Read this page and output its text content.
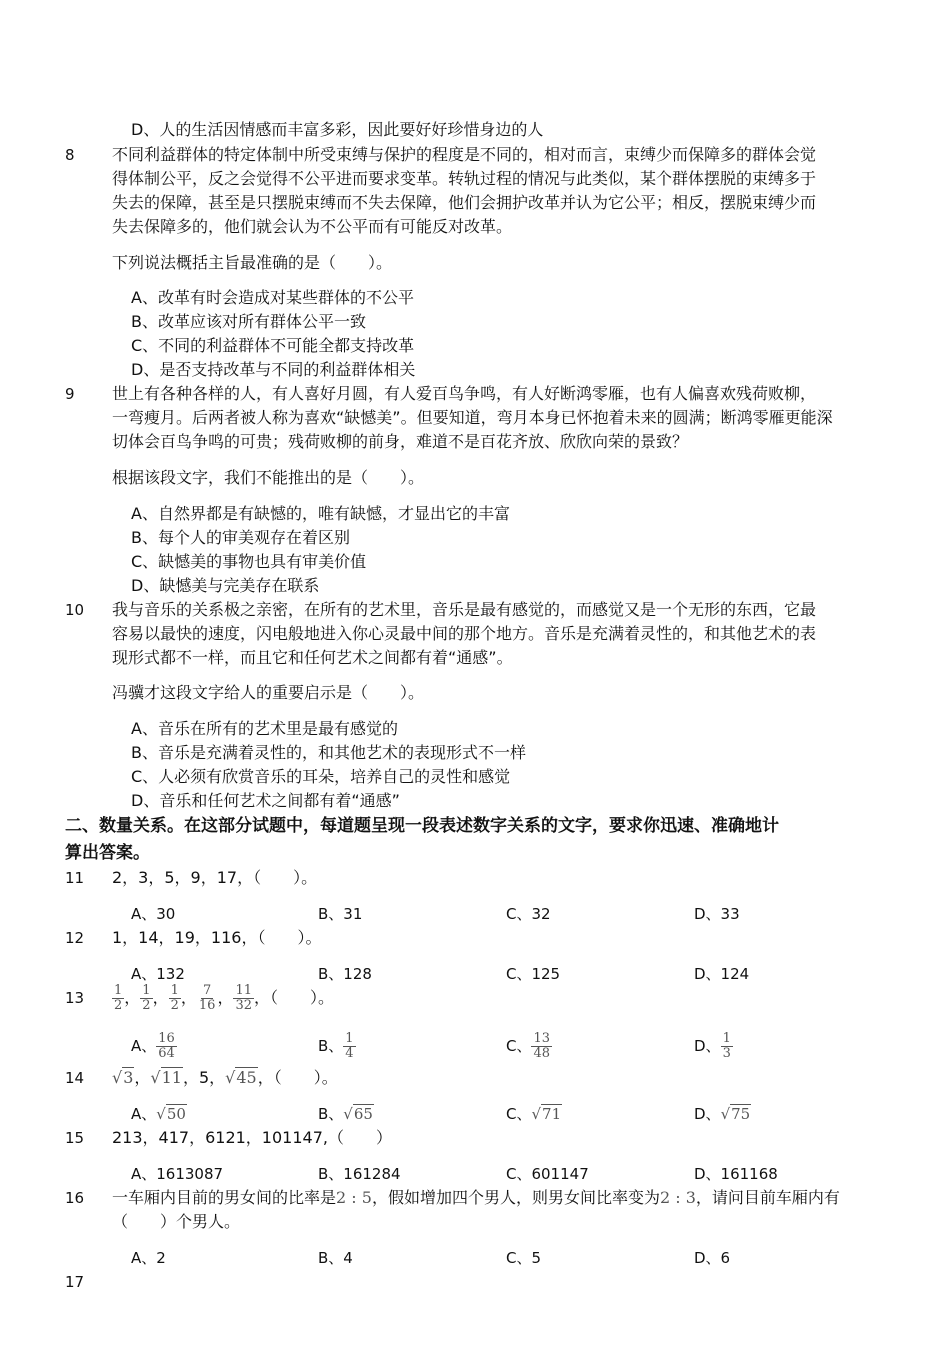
D、人的生活因情感而丰富多彩，因此要好好珍惜身边的人
8 不同利益群体的特定体制中所受束缚与保护的程度是不同的，相对而言，束缚少而保障多的群体会觉
得体制公平，反之会觉得不公平进而要求变革。转轨过程的情况与此类似，某个群体摆脱的束缚多于
失去的保障，甚至是只摆脱束缚而不失去保障，他们会拥护改革并认为它公平；相反，摆脱束缚少而
失去保障多的，他们就会认为不公平而有可能反对改革。
下列说法概括主旨最准确的是（　　）。
A、改革有时会造成对某些群体的不公平
B、改革应该对所有群体公平一致
C、不同的利益群体不可能全都支持改革
D、是否支持改革与不同的利益群体相关
9 世上有各种各样的人，有人喜好月圆，有人爱百鸟争鸣，有人好断鸿零雁，也有人偏喜欢残荷败柳，
一弯瘦月。后两者被人称为喜欢“缺憾美”。但要知道，弯月本身已怀抱着未来的圆满；断鸿零雁更能深
切体会百鸟争鸣的可贵；残荷败柳的前身，难道不是百花齐放、欣欣向荣的景致？
根据该段文字，我们不能推出的是（　　）。
A、自然界都是有缺憾的，唯有缺憾，才显出它的丰富
B、每个人的审美观存在着区别
C、缺憾美的事物也具有审美价值
D、缺憾美与完美存在联系
10 我与音乐的关系极之亲密，在所有的艺术里，音乐是最有感觉的，而感觉又是一个无形的东西，它最
容易以最快的速度，闪电般地进入你心灵最中间的那个地方。音乐是充满着灵性的，和其他艺术的表
现形式都不一样，而且它和任何艺术之间都有着“通感”。
冯骥才这段文字给人的重要启示是（　　）。
A、音乐在所有的艺术里是最有感觉的
B、音乐是充满着灵性的，和其他艺术的表现形式不一样
C、人必须有欣赏音乐的耳朵，培养自己的灵性和感觉
D、音乐和任何艺术之间都有着“通感”
二、数量关系。在这部分试题中，每道题呈现一段表述数字关系的文字，要求你迅速、准确地计
算出答案。
11 2，3，5，9，17，（　　）。
A、30	B、31	C、32	D、33
12 1，14，19，116，（　　）。
A、132	B、128	C、125	D、124
$13 \frac{1}{2}$ ， $\frac{1}{2}$ ， $\frac{1}{2}$ ， $\frac{7}{16}$ ， $\frac{11}{32}$ ，（　　）。
A、 $\frac{16}{64}$	B、 $\frac{1}{4}$	C、 $\frac{13}{48}$	D、 $\frac{1}{3}$
14 √3，√11，5，√45，（　　）。
A、√50	B、√65	C、√71	D、√75
15 213，417，6121，101147,（　　）
A、1613087	B、161284	C、601147	D、161168
16 一车厢内目前的男女间的比率是2 : 5，假如增加四个男人，则男女间比率变为2 : 3，请问目前车厢内有
（　　）个男人。
A、2	B、4	C、5	D、6
17
